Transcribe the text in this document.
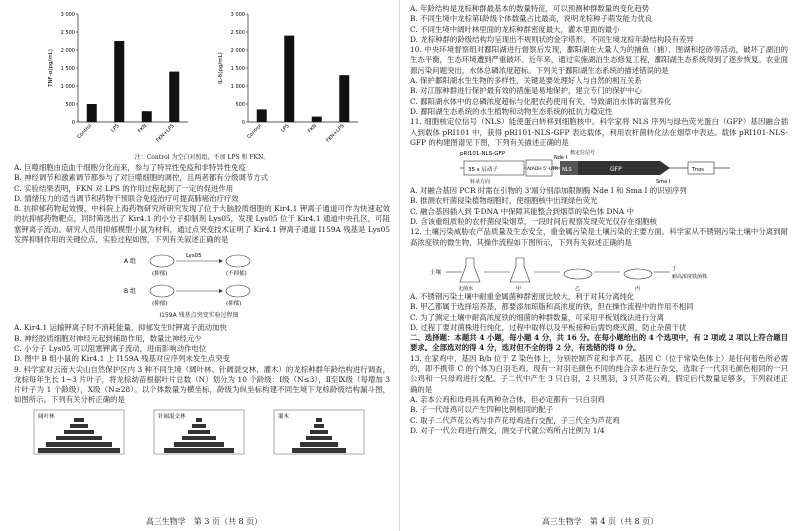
0
500
1 000
1 500
2 000
2 500
3 000
TNF-α(pg/mL)
Control	LPS	FKN FKN+LPS
0
500
1 000
1 500
2 000
2 500
3 000
IL-6(pg/mL)
Control	LPS	FKN FKN+LPS

注：Control 为空白对照组，不加 LPS 和 FKN。

A. 巨噬细胞由造血干细胞分化而来，参与了特异性免疫和非特异性免疫

B. 神经调节和激素调节都参与了对巨噬细胞的调控，且两者都有分级调节方式

C. 实验结果表明，FKN 对 LPS 的作用过程起到了一定的促进作用

D. 情绪压力的适当调节和药物干预联合免疫治疗可提高肺癌治疗疗效

8. 抗抑郁药物起效慢，中科院上海药物研究所研究发现了位于大脑胶质细胞的 Kir4.1 钾离子通道可作为快速起效的抗抑郁药物靶点，同时筛选出了 Kir4.1 的小分子抑制剂 Lys05，发现 Lys05 位于 Kir4.1 通道中央孔区，可阻塞钾离子流动。研究人员用抑郁模型小鼠为材料，通过点突变技术证明了 Kir4.1 钾离子通道 I159A 残基是 Lys05 发挥抑制作用的关键位点，实验过程如图，下列有关叙述正确的是

A 组
(抑郁)
Lys05
(不抑郁)
B 组
(抑郁)	(抑郁)
I159A 残基点突变实验过程图

A. Kir4.1 运输钾离子时不消耗能量，抑郁发生时钾离子流动加快

B. 神经胶质细胞对神经元起到辅助作用，数量比神经元少

C. 小分子 Lys05 可以阻塞钾离子流动，进而影响动作电位

D. 图中 B 组小鼠的 Kir4.1 上 I159A 残基对应序列未发生点突变

9. 科学家对云南大尖山自然保护区内 3 种不同生境（阔叶林、针阔混交林、灌木）的龙棕种群年龄结构进行调查，龙棕每年生长 1~3 片叶子，将龙棕幼苗根据叶片总数（N）划分为 10 个龄级：Ⅰ级（N≤3），Ⅱ至Ⅸ级（每增加 3 片叶子为 1 个龄级），Ⅹ级（N≥28）。以个体数量为横坐标，龄级为纵坐标构建不同生境下龙棕龄级结构漏斗图，如图所示。下列有关分析正确的是

阔叶林	针阔混交林	灌木
高三生物学　第 3 页（共 8 页）

A. 年龄结构是龙棕种群最基本的数量特征，可以预测种群数量的变化趋势

B. 不同生境中龙棕第Ⅰ龄级个体数量占比最高，说明龙棕种子萌发能力优良

C. 不同生境中阔叶林里面的龙棕种群密度最大，灌木里面的最小

D. 龙棕种群的龄级结构均呈现出不规则状的金字塔形，不同生境龙棕年龄结构段有差异

10. 中央环境督察组对鄱阳湖进行督察后发现，鄱阳湖在大量人为的捕鱼（捕）、围湖和挖砂等活动，破坏了湖泊的生态平衡，生态环境遭到严重破坏。近年来，通过实施湖泊生态修复工程，鄱阳湖生态系统得到了逐步恢复。农业面源污染问题突出，水体总磷浓度超标。下列关于鄱阳湖生态系统的描述错误的是

A. 保护鄱阳湖水生生物的多样性，关键是要处理好人与自然的相互关系

B. 对江豚种群进行保护最有效的措施是易地保护，建立专门的保护中心

C. 鄱阳湖水体中的总磷浓度超标与化肥农药使用有关，导致湖泊水体的富营养化

D. 鄱阳湖生态系统的水生植物和动物生态系统的抵抗力稳定性

11. 细胞核定位信号（NLS）能使蛋白转移到细胞核中。科学家将 NLS 序列与绿色荧光蛋白（GFP）基因融合插入到载体 pRI101 中，获得 pRI101-NLS-GFP 表达载体，利用农杆菌转化法在烟草中表达。载体 pRI101-NLS-GFP 的构建图谱见下图，下列有关描述正确的是

pRI101-NLS-GFP	核定位信号
35 s 启动子	AtADH 5'-UTR
Nde I
NLS	GFP
Sma I
Tnos
转录方向

A. 对融合基因 PCR 时需在引物的 3'端分别添加限制酶 Nde I 和 Sma I 的识别序列

B. 推测农杆菌侵染植物细胞时，使细胞核中出现绿色荧光

C. 融合基因插入到 T-DNA 中保障其能整合到烟草的染色体 DNA 中

D. 含该重组质粒的农杆菌侵染烟草，一段时间后观察发现荧光仅存在细胞核

12. 土壤污染威胁农产品质量及生态安全，重金属污染是土壤污染的主要方面。科学家从不锈钢污染土壤中分离到耐高浓度铁的微生物，其操作流程如下图所示，下列有关叙述正确的是

土壤
无菌水	甲	乙	丙
丁
耐高浓度铁菌株

A. 不锈钢污染土壤中耐重金属菌种群密度比较大，利于对其分离纯化

B. 甲乙都属于选择培养基，都要添加琼脂和高浓度的铁，但在操作流程中的作用不相同

C. 为了测定土壤中耐高浓度铁的细菌的种群数量，可采用平板划线法进行分离

D. 过程丁要对菌株进行纯化，过程中取样以及平板接种后需灼烧灭菌，防止杂菌干扰

二、选择题：本题共 4 小题，每小题 4 分，共 16 分。在每小题给出的 4 个选项中，有 2 项或 2 项以上符合题目要求。全部选对的得 4 分，选对但不全的得 2 分，有选错的得 0 分。

13. 在家鸡中，基因 B/b 位于 Z 染色体上，分别控制芦花和非芦花。基因 C（位于常染色体上）是任何着色所必需的，即不携带 C 的个体为白羽毛鸡。现有一对羽毛颜色不同的纯合亲本进行杂交，选取子一代羽毛颜色相同的一只公鸡和一只母鸡进行交配，子二代中产生 3 只白羽，2 只黑羽，3 只芦花公鸡，假定后代数量足够多，下列叙述正确的是

A. 亲本公鸡和母鸡具有两种杂合体，但必定都有一只白羽鸡

B. 子一代母鸡可以产生四种比例相同的配子

C. 取子二代芦花公鸡与非芦花母鸡进行交配，子三代全为芦花鸡

D. 对子一代公鸡进行测交，测交子代就公鸡所占比例为 1/4

高三生物学　第 4 页（共 8 页）
